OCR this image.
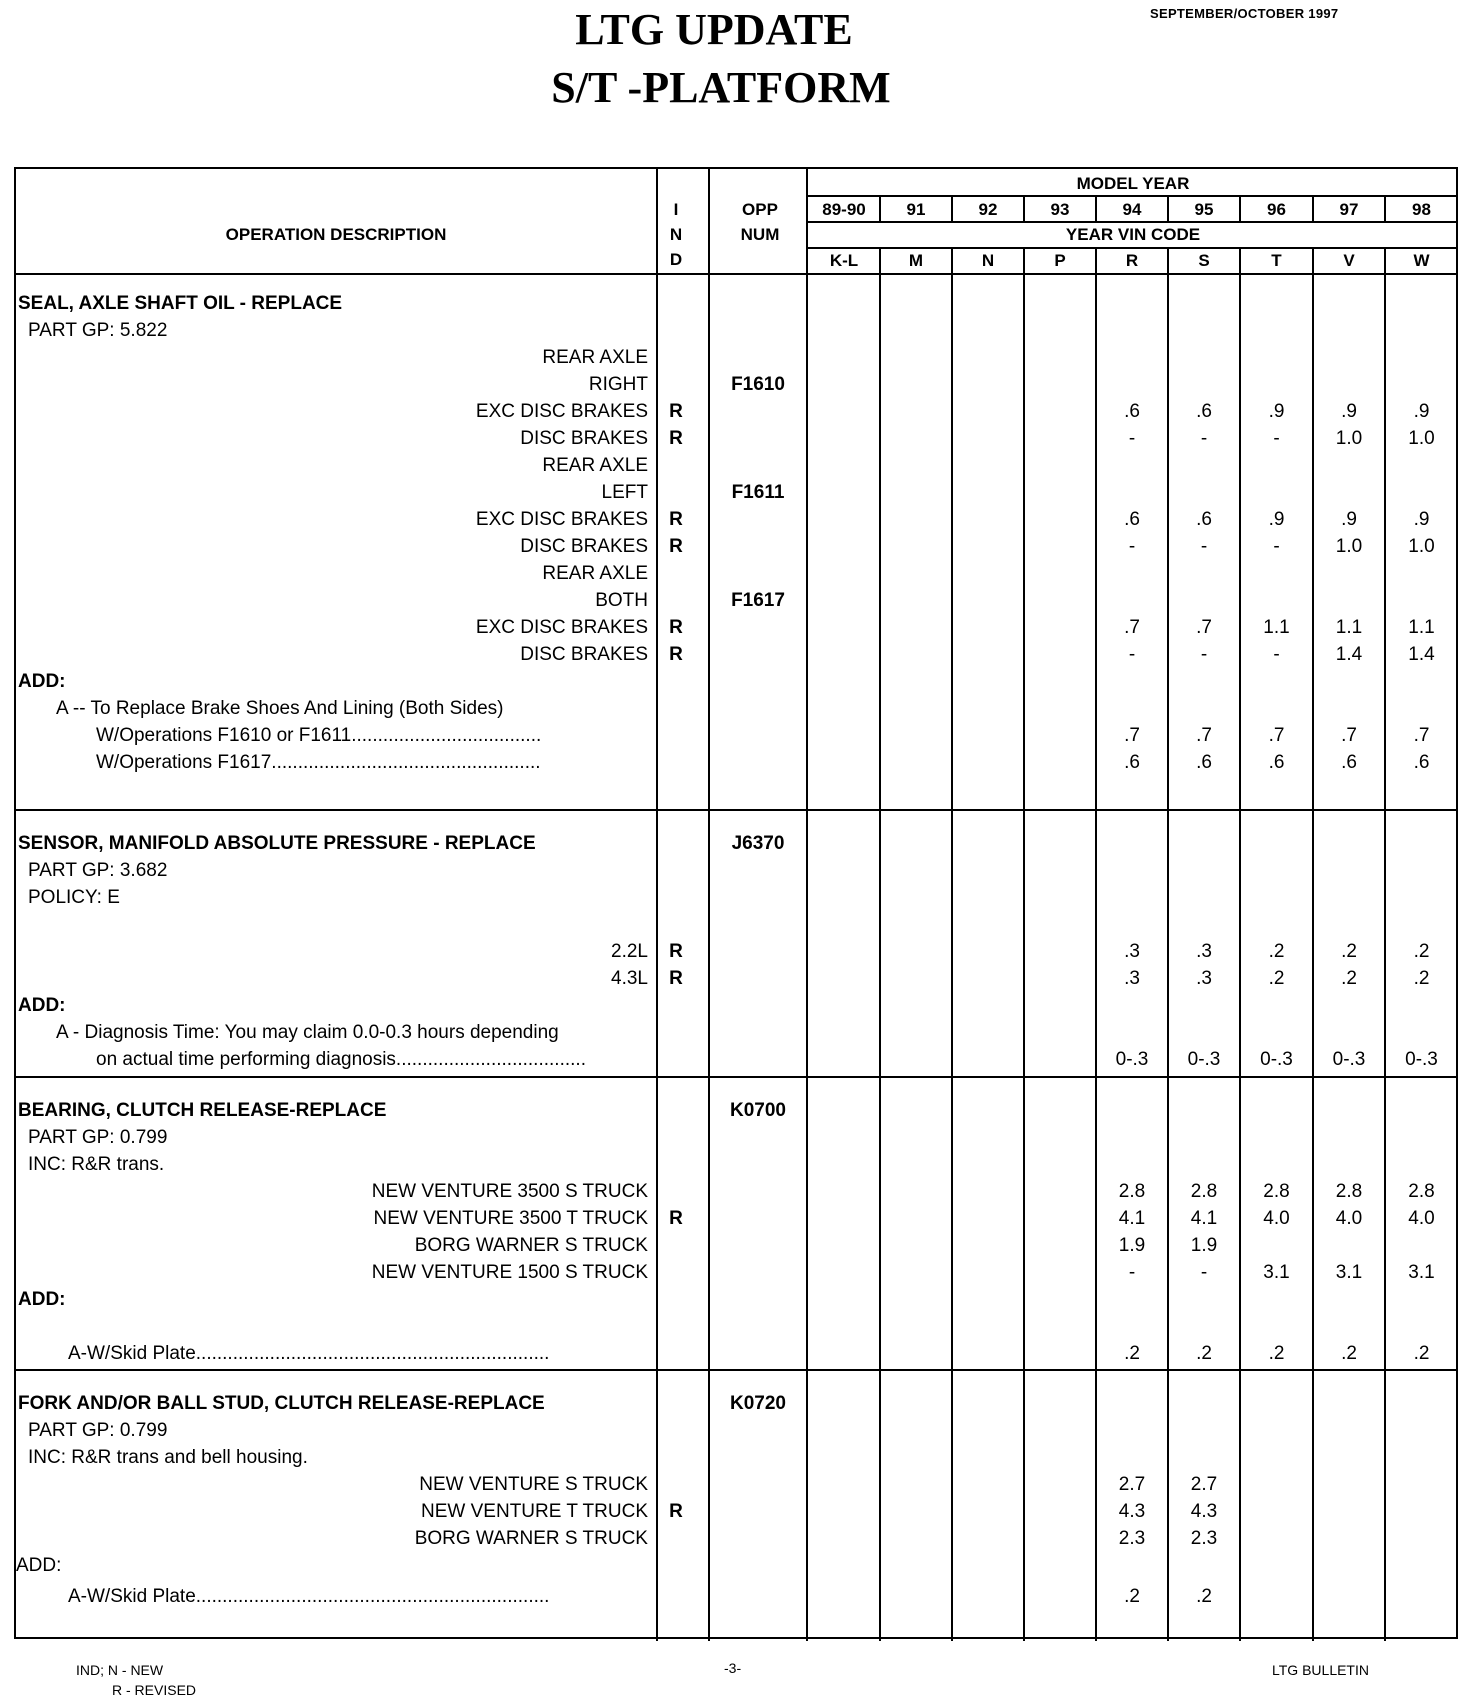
LTG UPDATE
S/T -PLATFORM
SEPTEMBER/OCTOBER 1997
OPERATION DESCRIPTION
I
N
D
OPP
NUM
MODEL YEAR
YEAR VIN CODE
89-90	91	92	93	94	95	96	97	98
K-L	M	N	P	R	S	T	V	W
SEAL, AXLE SHAFT OIL - REPLACE
PART GP: 5.822
REAR AXLE
RIGHT	F1610
EXC DISC BRAKES	R	.6	.6	.9	.9	.9
DISC BRAKES	R	-	-	-	1.0	1.0
REAR AXLE
LEFT	F1611
EXC DISC BRAKES	R	.6	.6	.9	.9	.9
DISC BRAKES	R	-	-	-	1.0	1.0
REAR AXLE
BOTH	F1617
EXC DISC BRAKES	R	.7	.7	1.1	1.1	1.1
DISC BRAKES	R	-	-	-	1.4	1.4
ADD:
A -- To Replace Brake Shoes And Lining (Both Sides)
W/Operations F1610 or F1611....................................	.7	.7	.7	.7	.7
W/Operations F1617...................................................	.6	.6	.6	.6	.6
SENSOR, MANIFOLD ABSOLUTE PRESSURE - REPLACE	J6370
PART GP: 3.682
POLICY: E
2.2L	R	.3	.3	.2	.2	.2
4.3L	R	.3	.3	.2	.2	.2
ADD:
A - Diagnosis Time: You may claim 0.0-0.3 hours depending
on actual time performing diagnosis....................................	0-.3	0-.3	0-.3	0-.3	0-.3
BEARING, CLUTCH RELEASE-REPLACE	K0700
PART GP: 0.799
INC: R&R trans.
NEW VENTURE 3500 S TRUCK	2.8	2.8	2.8	2.8	2.8
NEW VENTURE 3500 T TRUCK	R	4.1	4.1	4.0	4.0	4.0
BORG WARNER S TRUCK	1.9	1.9
NEW VENTURE 1500 S TRUCK	-	-	3.1	3.1	3.1
ADD:
A-W/Skid Plate...................................................................	.2	.2	.2	.2	.2
FORK AND/OR BALL STUD, CLUTCH RELEASE-REPLACE	K0720
PART GP: 0.799
INC: R&R trans and bell housing.
NEW VENTURE S TRUCK	2.7	2.7
NEW VENTURE T TRUCK	R	4.3	4.3
BORG WARNER S TRUCK	2.3	2.3
ADD:
A-W/Skid Plate...................................................................	.2	.2
IND; N - NEW
R - REVISED
-3-	LTG BULLETIN
